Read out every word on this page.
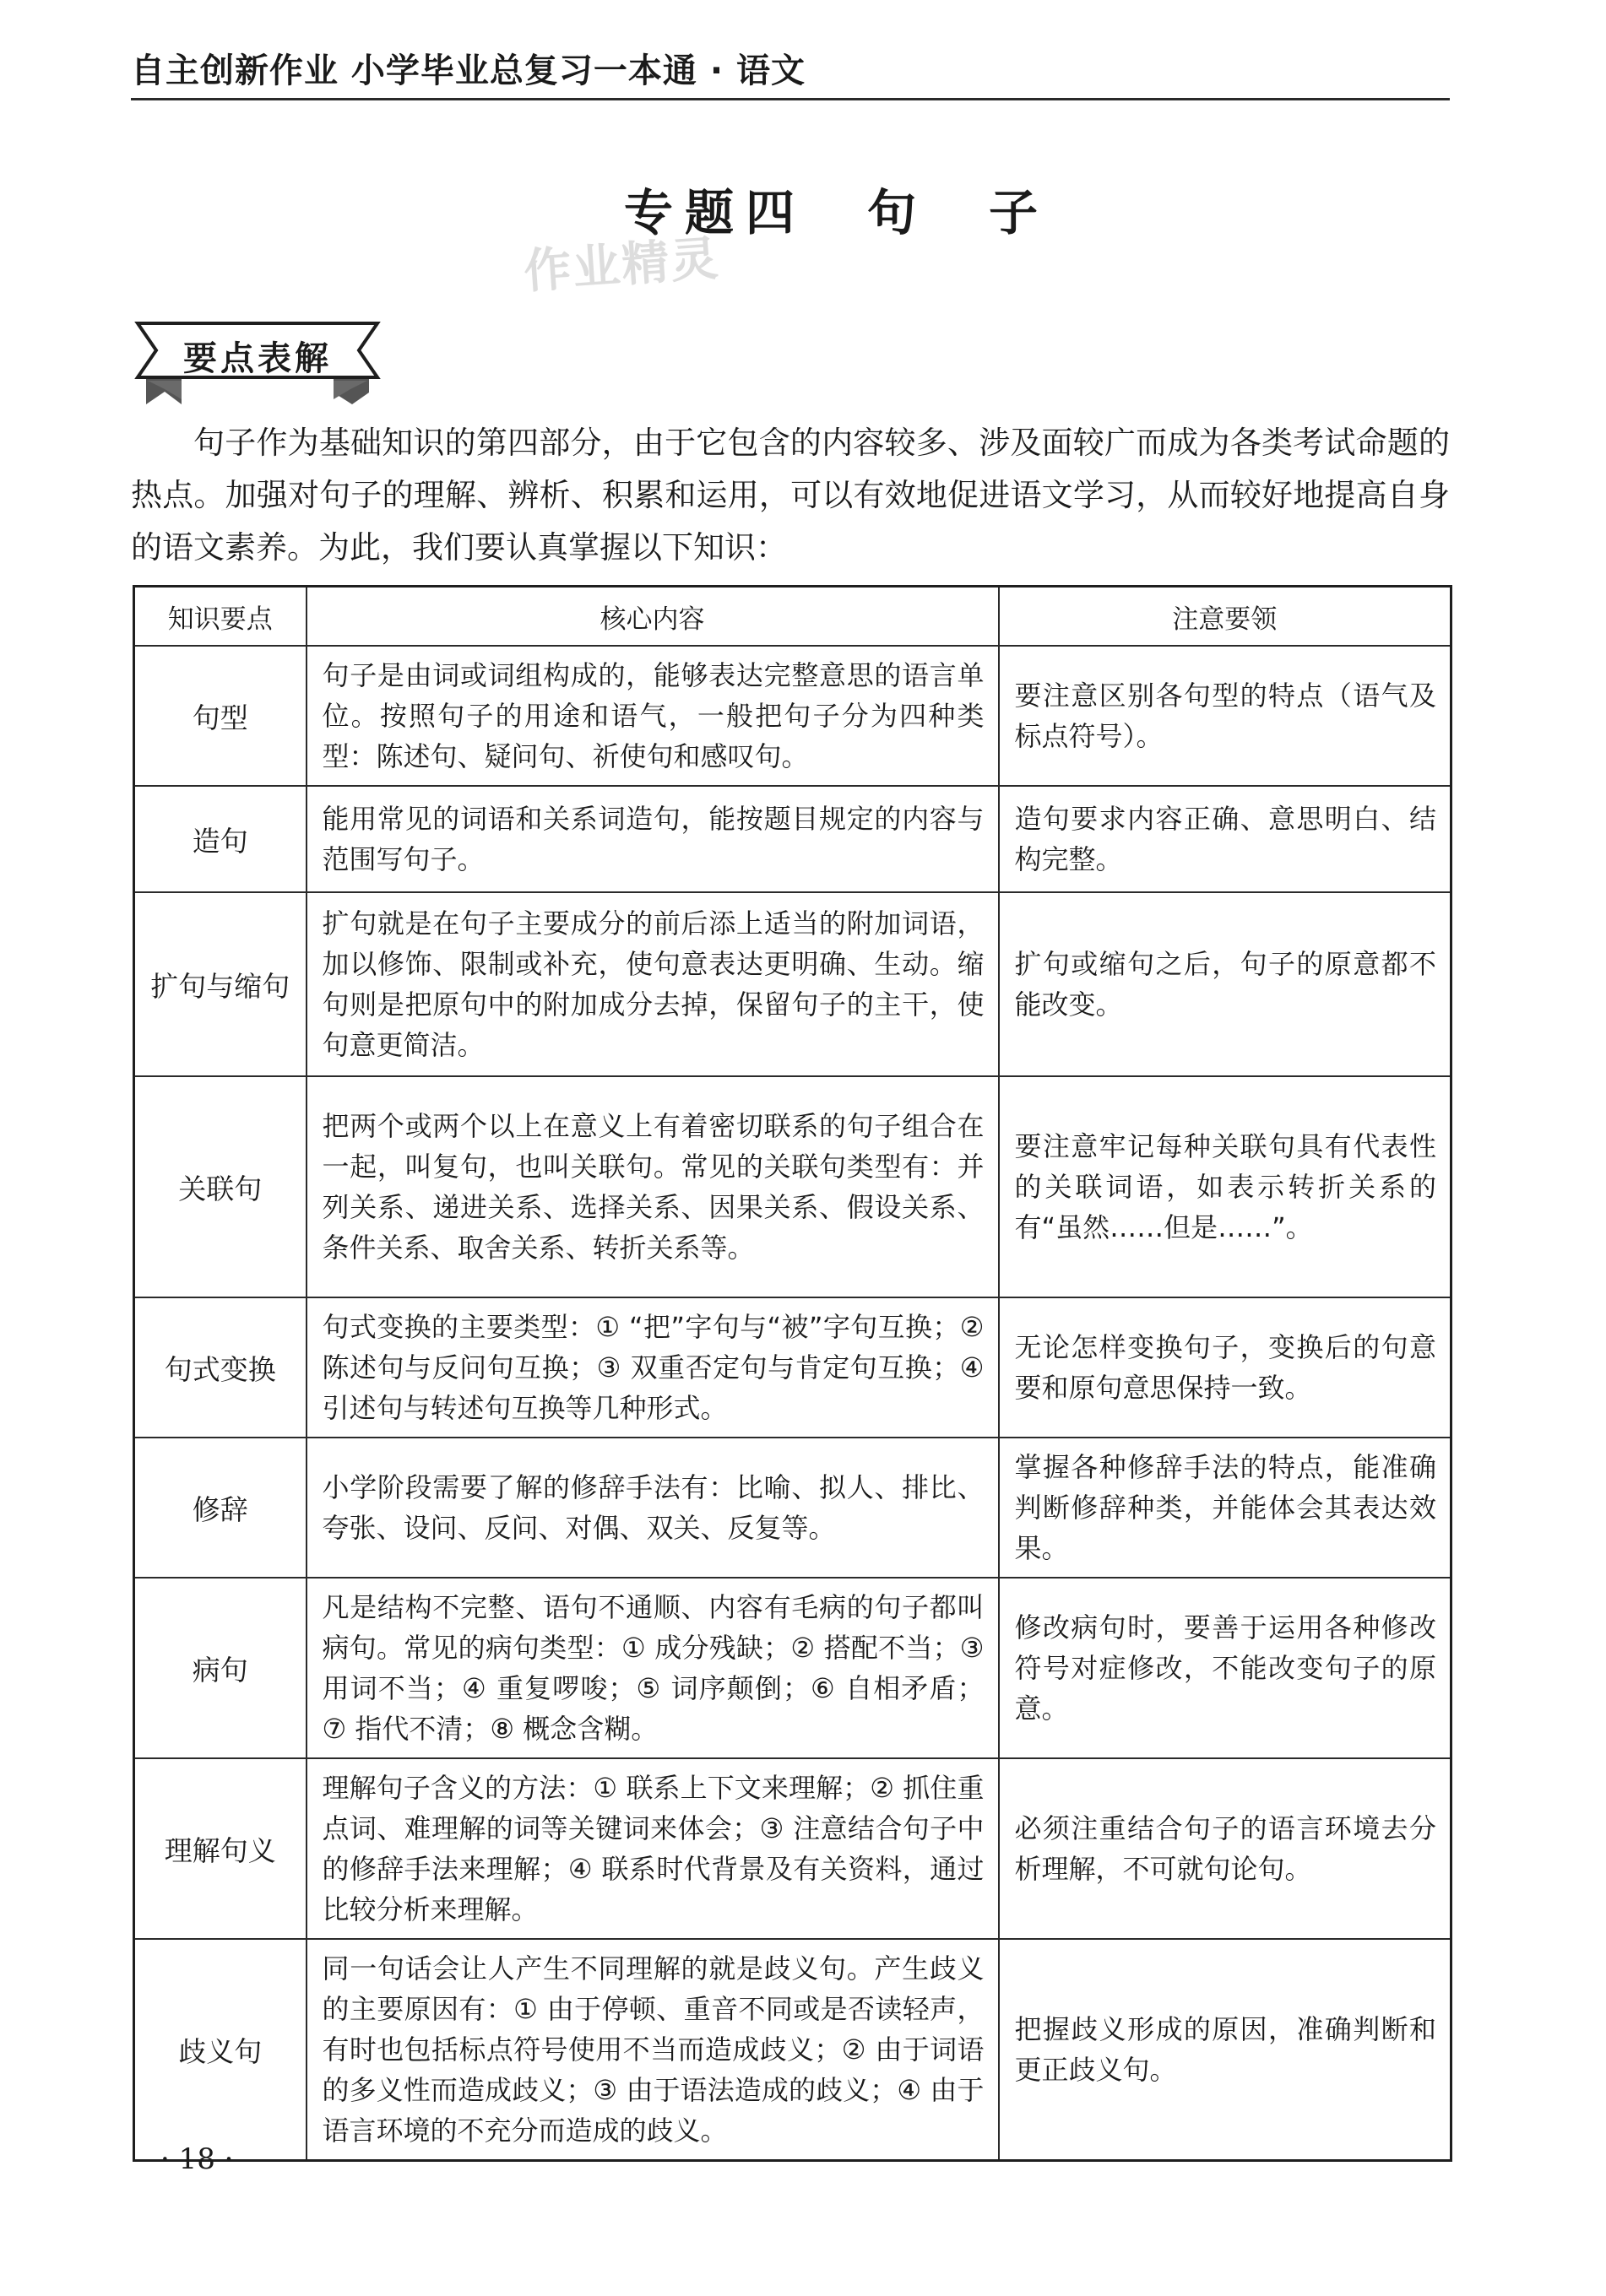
自主创新作业 小学毕业总复习一本通 · 语文
专题四　句　子
作业精灵
要点表解

句子作为基础知识的第四部分，由于它包含的内容较多、涉及面较广而成为各类考试命题的热点。加强对句子的理解、辨析、积累和运用，可以有效地促进语文学习，从而较好地提高自身的语文素养。为此，我们要认真掌握以下知识：

知识要点	核心内容	注意要领
句型	句子是由词或词组构成的，能够表达完整意思的语言单位。按照句子的用途和语气，一般把句子分为四种类型：陈述句、疑问句、祈使句和感叹句。	要注意区别各句型的特点（语气及标点符号）。
造句	能用常见的词语和关系词造句，能按题目规定的内容与范围写句子。	造句要求内容正确、意思明白、结构完整。
扩句与缩句	扩句就是在句子主要成分的前后添上适当的附加词语，加以修饰、限制或补充，使句意表达更明确、生动。缩句则是把原句中的附加成分去掉，保留句子的主干，使句意更简洁。	扩句或缩句之后，句子的原意都不能改变。
关联句	把两个或两个以上在意义上有着密切联系的句子组合在一起，叫复句，也叫关联句。常见的关联句类型有：并列关系、递进关系、选择关系、因果关系、假设关系、条件关系、取舍关系、转折关系等。	要注意牢记每种关联句具有代表性的关联词语，如表示转折关系的有“虽然……但是……”。
句式变换	句式变换的主要类型：① “把”字句与“被”字句互换；② 陈述句与反问句互换；③ 双重否定句与肯定句互换；④ 引述句与转述句互换等几种形式。	无论怎样变换句子，变换后的句意要和原句意思保持一致。
修辞	小学阶段需要了解的修辞手法有：比喻、拟人、排比、夸张、设问、反问、对偶、双关、反复等。	掌握各种修辞手法的特点，能准确判断修辞种类，并能体会其表达效果。
病句	凡是结构不完整、语句不通顺、内容有毛病的句子都叫病句。常见的病句类型：① 成分残缺；② 搭配不当；③ 用词不当；④ 重复啰唆；⑤ 词序颠倒；⑥ 自相矛盾；⑦ 指代不清；⑧ 概念含糊。	修改病句时，要善于运用各种修改符号对症修改，不能改变句子的原意。
理解句义	理解句子含义的方法：① 联系上下文来理解；② 抓住重点词、难理解的词等关键词来体会；③ 注意结合句子中的修辞手法来理解；④ 联系时代背景及有关资料，通过比较分析来理解。	必须注重结合句子的语言环境去分析理解，不可就句论句。
歧义句	同一句话会让人产生不同理解的就是歧义句。产生歧义的主要原因有：① 由于停顿、重音不同或是否读轻声，有时也包括标点符号使用不当而造成歧义；② 由于词语的多义性而造成歧义；③ 由于语法造成的歧义；④ 由于语言环境的不充分而造成的歧义。	把握歧义形成的原因，准确判断和更正歧义句。
· 18 ·
